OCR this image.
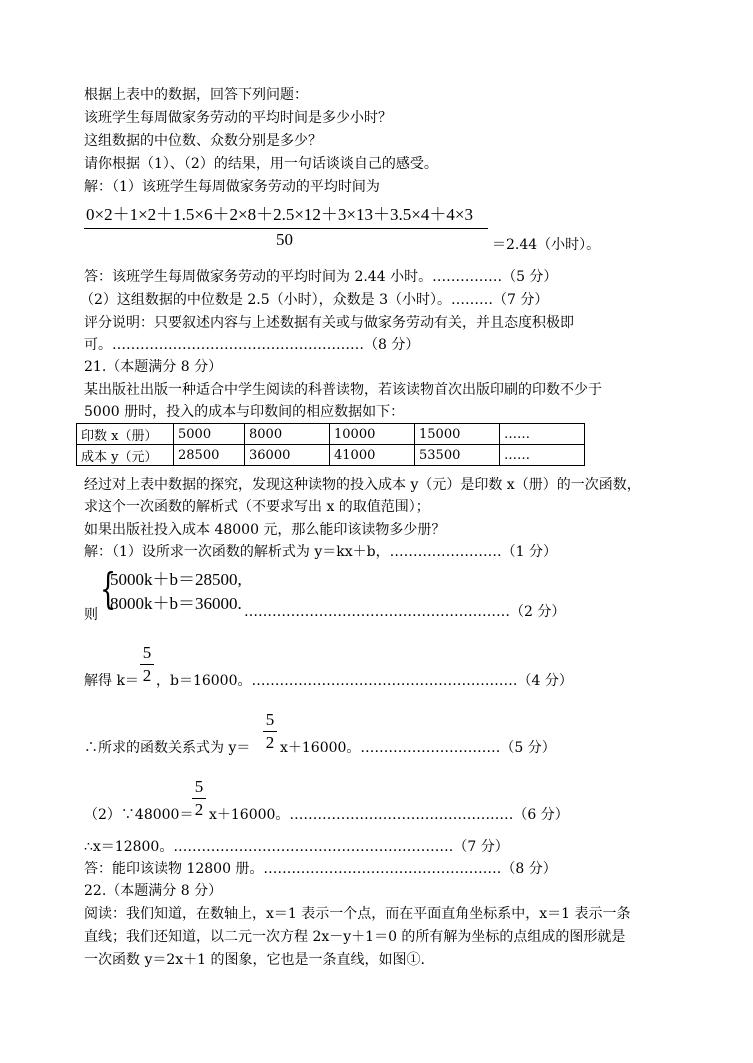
根据上表中的数据，回答下列问题：
该班学生每周做家务劳动的平均时间是多少小时？
这组数据的中位数、众数分别是多少？
请你根据（1）、（2）的结果，用一句话谈谈自己的感受。
解：（1）该班学生每周做家务劳动的平均时间为
0×2＋1×2＋1.5×6＋2×8＋2.5×12＋3×13＋3.5×4＋4×3
50	＝2.44（小时）。
答：该班学生每周做家务劳动的平均时间为 2.44 小时。……………（5 分）
（2）这组数据的中位数是 2.5（小时），众数是 3（小时）。………（7 分）
评分说明：只要叙述内容与上述数据有关或与做家务劳动有关，并且态度积极即
可。………………………………………………（8 分）
21.（本题满分 8 分）
某出版社出版一种适合中学生阅读的科普读物，若该读物首次出版印刷的印数不少于
5000 册时，投入的成本与印数间的相应数据如下：
印数 x（册）	5000	8000	10000	15000	……
成本 y（元）	28500	36000	41000	53500	……
经过对上表中数据的探究，发现这种读物的投入成本 y（元）是印数 x（册）的一次函数，
求这个一次函数的解析式（不要求写出 x 的取值范围）；
如果出版社投入成本 48000 元，那么能印该读物多少册？
解：（1）设所求一次函数的解析式为 y＝kx＋b，……………………（1 分）
{
5000k＋b＝28500,
8000k＋b＝36000.
则	…………………………………………………（2 分）
解得 k＝
5
2 ，b＝16000。…………………………………………………（4 分）
∴所求的函数关系式为 y＝
5
2 x＋16000。…………………………（5 分）
（2）∵48000＝
5
2 x＋16000。…………………………………………（6 分）
∴x＝12800。……………………………………………………（7 分）
答：能印该读物 12800 册。……………………………………………（8 分）
22.（本题满分 8 分）
阅读：我们知道，在数轴上，x＝1 表示一个点，而在平面直角坐标系中，x＝1 表示一条
直线；我们还知道，以二元一次方程 2x－y＋1＝0 的所有解为坐标的点组成的图形就是
一次函数 y＝2x＋1 的图象，它也是一条直线，如图①.
